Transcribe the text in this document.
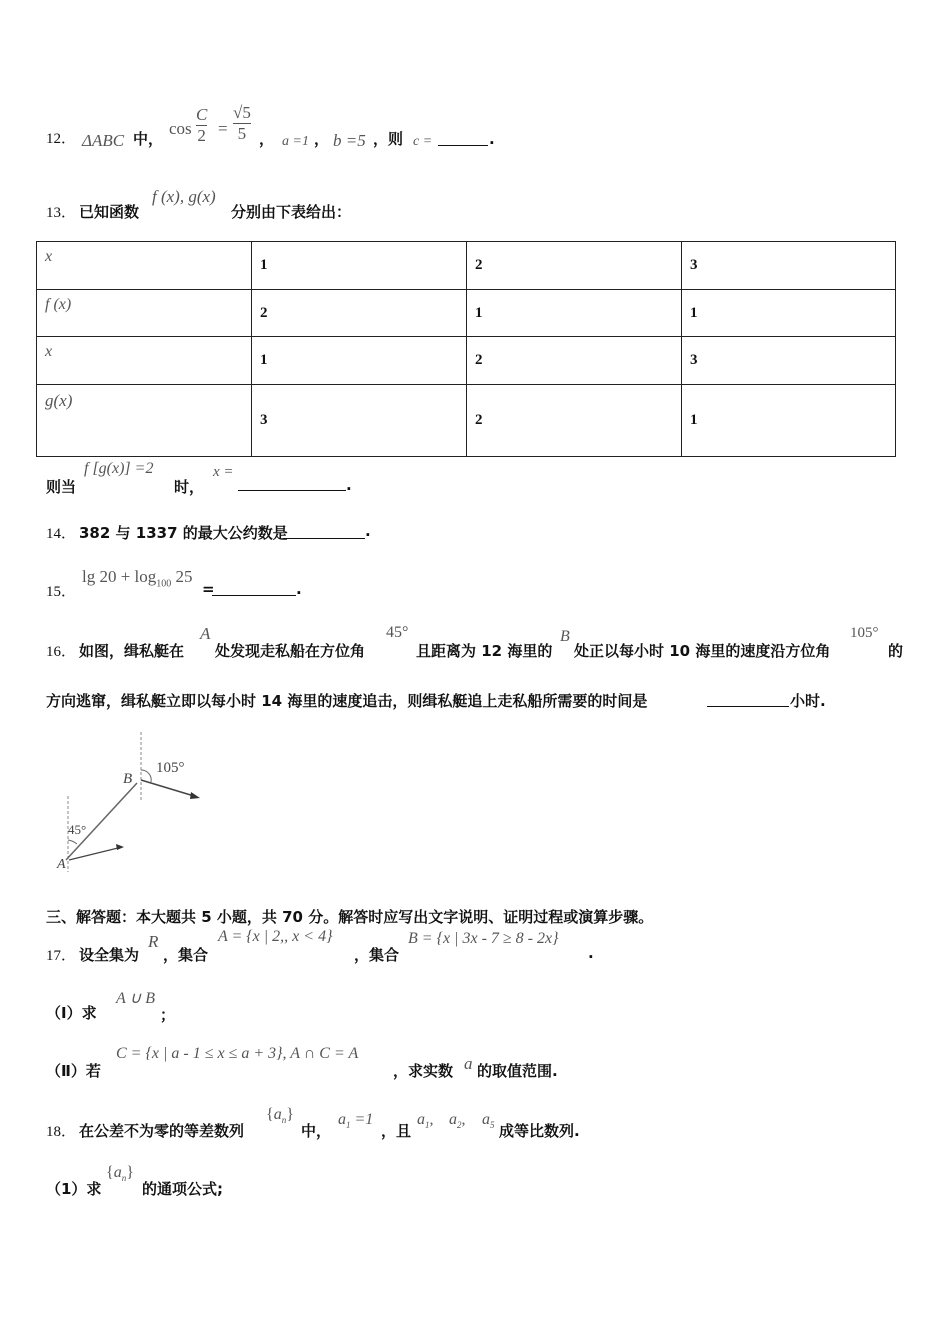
12． ΔABC 中，
$\cos \frac{C}{2} = \frac{√5}{5}$ ， a =1 ， b =5 ，则 c =	.
13． 已知函数
f (x), g(x)
分别由下表给出：
x	1	2	3
f (x)	2	1	1
x	1	2	3
g(x)	3	2	1
则当
f [g(x)] =2
时，
x =
.
14． 382 与 1337 的最大公约数是	.
15．
$\lg 20 + \log_{100} 25$
=	.
16． 如图，缉私艇在
A
处发现走私船在方位角
45°
且距离为 12 海里的
B
处正以每小时 10 海里的速度沿方位角
105°
的
方向逃窜，缉私艇立即以每小时 14 海里的速度追击，则缉私艇追上走私船所需要的时间是	小时.
A
B
45°
105°
三、解答题：本大题共 5 小题，共 70 分。解答时应写出文字说明、证明过程或演算步骤。
17． 设全集为
R
，集合
A = {x | 2,, x < 4}
，集合
B = {x | 3x - 7 ≥ 8 - 2x}
.
（Ⅰ）求
A ∪ B
；
（Ⅱ）若
C = {x | a - 1 ≤ x ≤ a + 3}, A ∩ C = A
，求实数 a 的取值范围.
18． 在公差不为零的等差数列
$\{a_n\}$
中，
$a_1 =1$
，且
$a_1$, $a_2$, $a_5$ 成等比数列.
（1）求
$\{a_n\}$
的通项公式;
